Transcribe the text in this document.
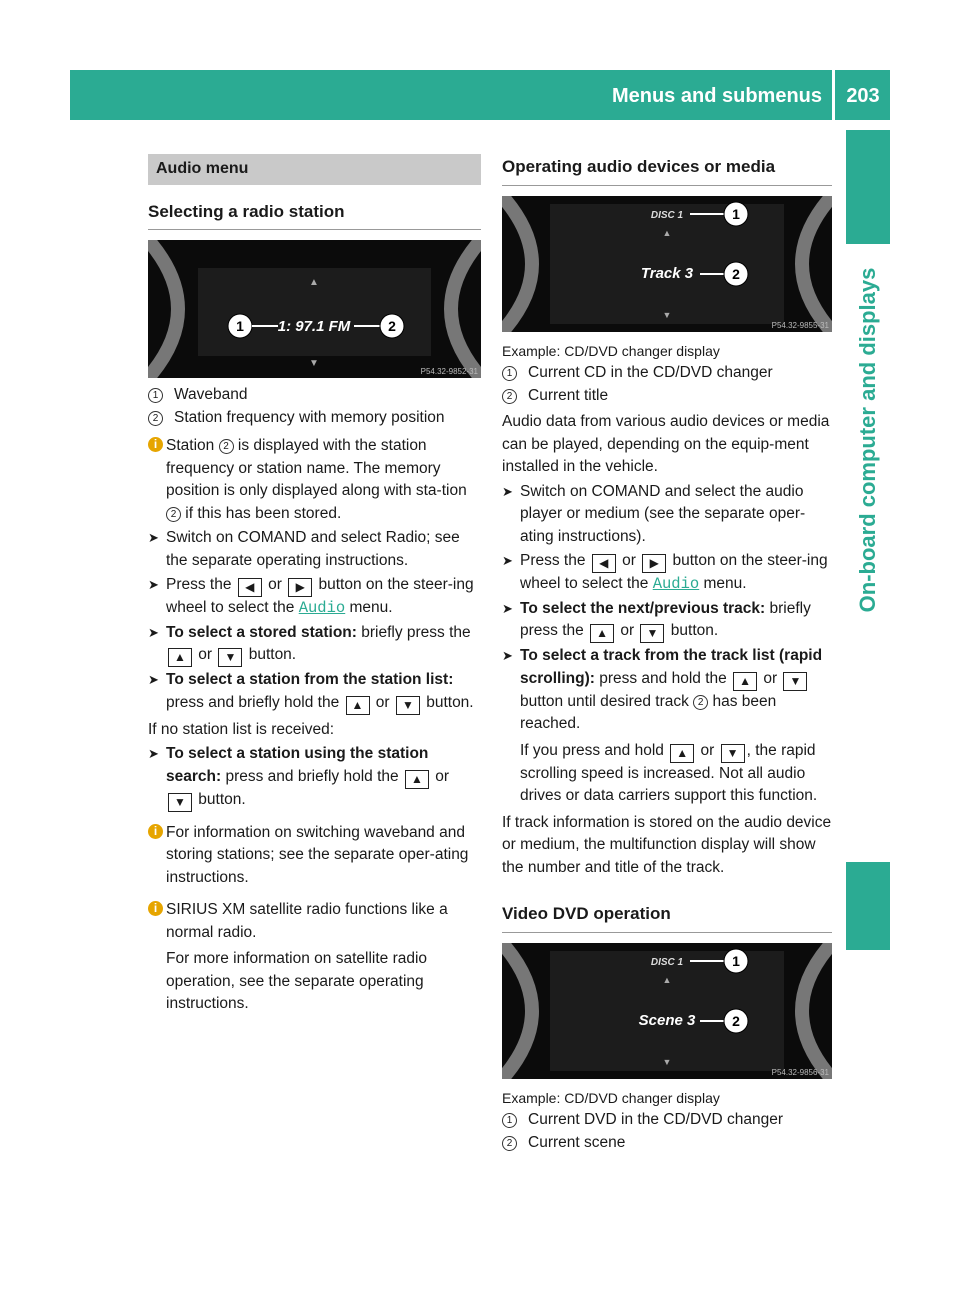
Menus and submenus	203
On-board computer and displays
Audio menu
Selecting a radio station
▲
▼
1 1: 97.1 FM	2
P54.32-9852-31
1	Waveband
2	Station frequency with memory position
i Station 2 is displayed with the station frequency or station name. The memory position is only displayed along with sta-tion 2 if this has been stored.
➤ Switch on COMAND and select Radio; see the separate operating instructions.
➤ Press the ◀ or ▶ button on the steer-ing wheel to select the Audio menu.
➤ To select a stored station: briefly press the ▲ or ▼ button.
➤ To select a station from the station list: press and briefly hold the ▲ or ▼ button.
If no station list is received:
➤ To select a station using the station search: press and briefly hold the ▲ or ▼ button.
i For information on switching waveband and storing stations; see the separate oper-ating instructions.
i SIRIUS XM satellite radio functions like a normal radio.
For more information on satellite radio operation, see the separate operating instructions.
Operating audio devices or media
DISC 1	1
▲
Track 3	2
▼
P54.32-9855-31
Example: CD/DVD changer display
1	Current CD in the CD/DVD changer
2	Current title
Audio data from various audio devices or media can be played, depending on the equip-ment installed in the vehicle.
➤ Switch on COMAND and select the audio player or medium (see the separate oper-ating instructions).
➤ Press the ◀ or ▶ button on the steer-ing wheel to select the Audio menu.
➤ To select the next/previous track: briefly press the ▲ or ▼ button.
➤ To select a track from the track list (rapid scrolling): press and hold the ▲ or ▼ button until desired track 2 has been reached.
If you press and hold ▲ or ▼ , the rapid scrolling speed is increased. Not all audio drives or data carriers support this function.
If track information is stored on the audio device or medium, the multifunction display will show the number and title of the track.
Video DVD operation
DISC 1	1
▲
Scene 3	2
▼
P54.32-9856-31
Example: CD/DVD changer display
1	Current DVD in the CD/DVD changer
2	Current scene
